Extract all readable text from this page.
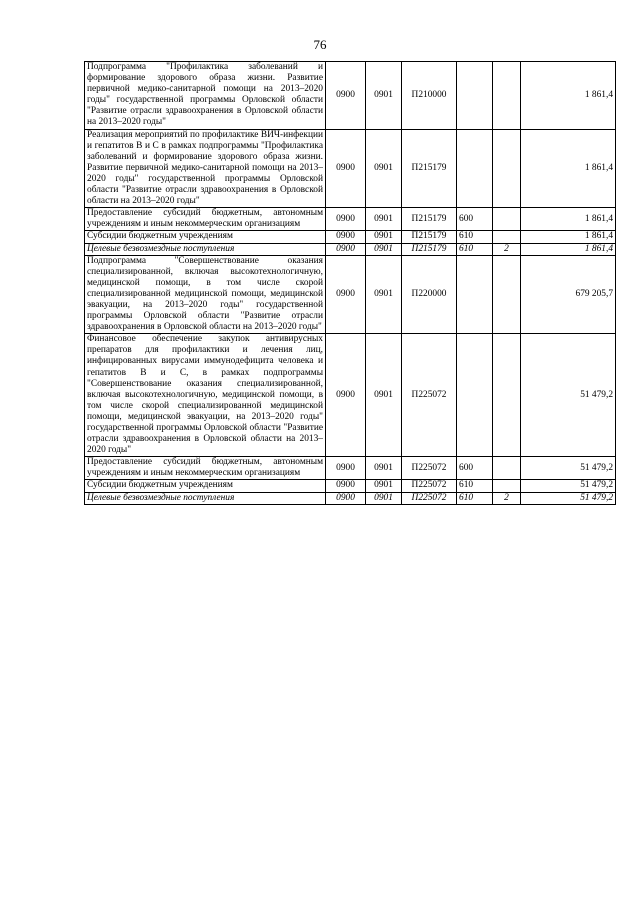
76
Подпрограмма "Профилактика заболеваний и формирование здорового образа жизни. Развитие первичной медико-санитарной помощи на 2013–2020 годы" государственной программы Орловской области "Развитие отрасли здравоохранения в Орловской области на 2013–2020 годы"	0900	0901	П210000			1 861,4
Реализация мероприятий по профилактике ВИЧ-инфекции и гепатитов В и С в рамках подпрограммы "Профилактика заболеваний и формирование здорового образа жизни. Развитие первичной медико-санитарной помощи на 2013–2020 годы" государственной программы Орловской области "Развитие отрасли здравоохранения в Орловской области на 2013–2020 годы"	0900	0901	П215179			1 861,4
Предоставление субсидий бюджетным, автономным учреждениям и иным некоммерческим организациям	0900	0901	П215179	600		1 861,4
Субсидии бюджетным учреждениям	0900	0901	П215179	610		1 861,4
Целевые безвозмездные поступления	0900	0901	П215179	610	2	1 861,4
Подпрограмма "Совершенствование оказания специализированной, включая высокотехнологичную, медицинской помощи, в том числе скорой специализированной медицинской помощи, медицинской эвакуации, на 2013–2020 годы" государственной программы Орловской области "Развитие отрасли здравоохранения в Орловской области на 2013–2020 годы"	0900	0901	П220000			679 205,7
Финансовое обеспечение закупок антивирусных препаратов для профилактики и лечения лиц, инфицированных вирусами иммунодефицита человека и гепатитов В и С, в рамках подпрограммы "Совершенствование оказания специализированной, включая высокотехнологичную, медицинской помощи, в том числе скорой специализированной медицинской помощи, медицинской эвакуации, на 2013–2020 годы" государственной программы Орловской области "Развитие отрасли здравоохранения в Орловской области на 2013–2020 годы"	0900	0901	П225072			51 479,2
Предоставление субсидий бюджетным, автономным учреждениям и иным некоммерческим организациям	0900	0901	П225072	600		51 479,2
Субсидии бюджетным учреждениям	0900	0901	П225072	610		51 479,2
Целевые безвозмездные поступления	0900	0901	П225072	610	2	51 479,2
